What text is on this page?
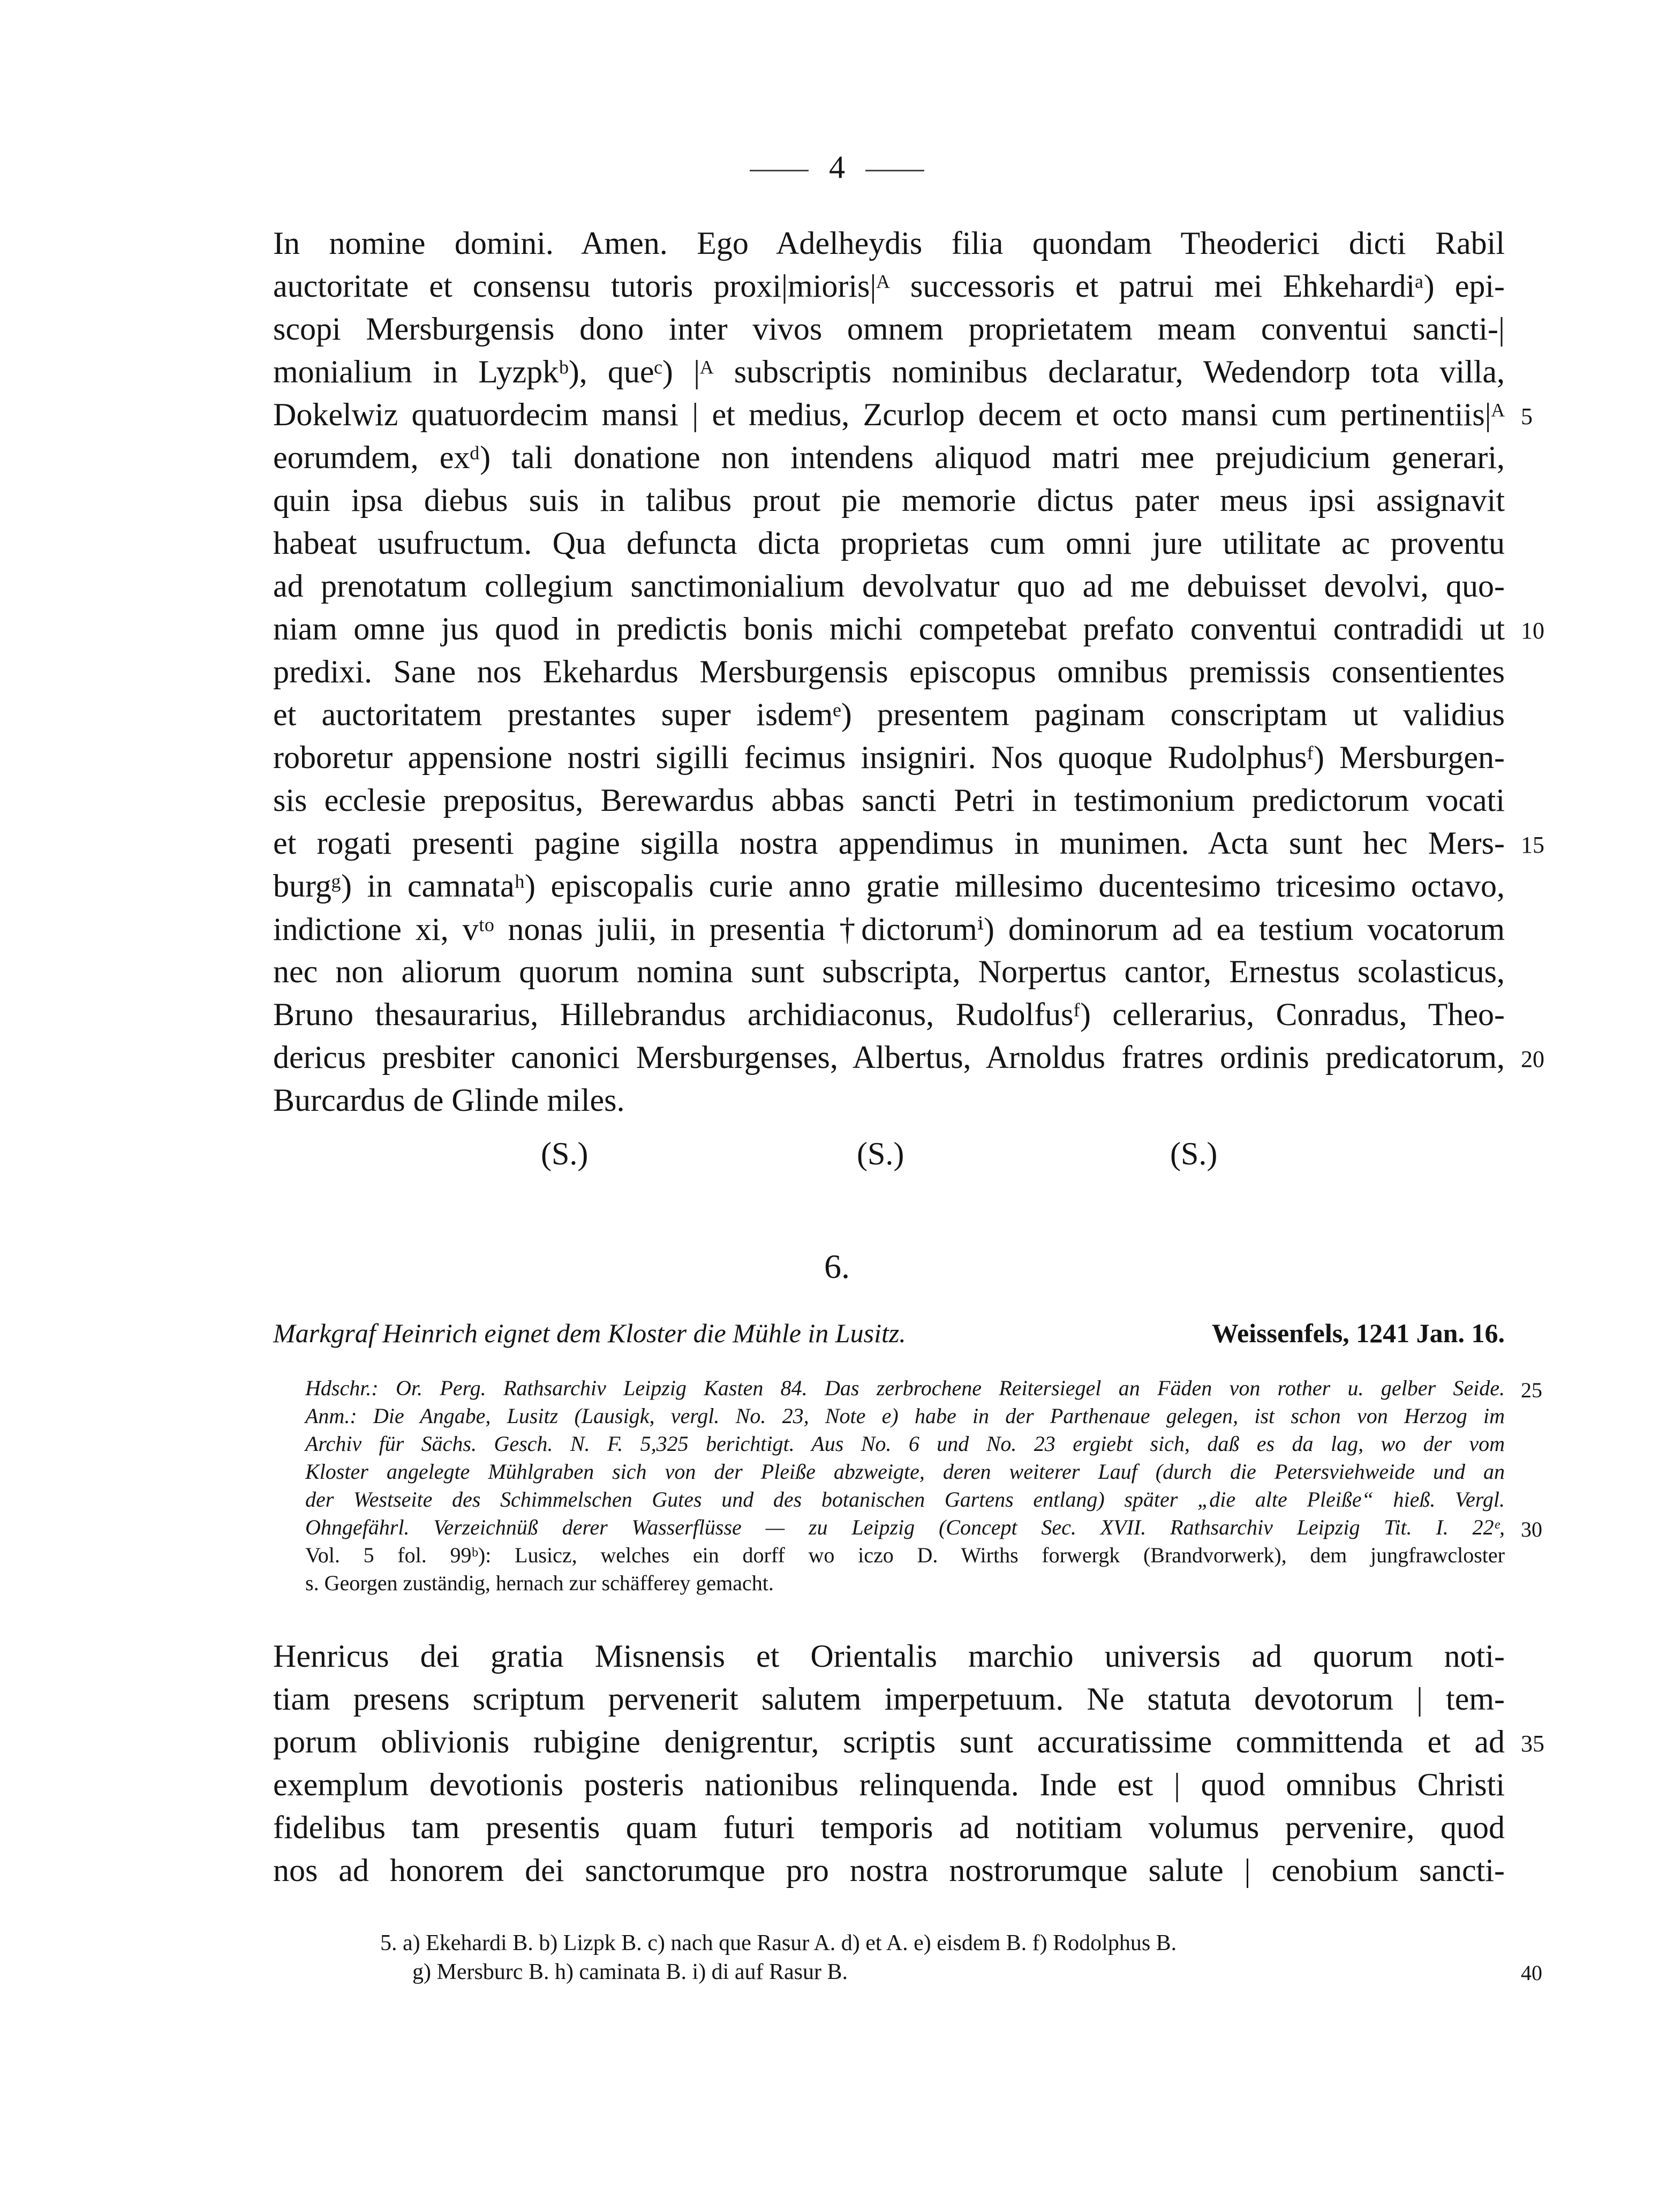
4
In nomine domini. Amen. Ego Adelheydis filia quondam Theoderici dicti Rabil
auctoritate et consensu tutoris proxi|mioris|ᴬ successoris et patrui mei Ehkehardiᵃ) epi-
scopi Mersburgensis dono inter vivos omnem proprietatem meam conventui sancti-|
monialium in Lyzpkᵇ), queᶜ) |ᴬ subscriptis nominibus declaratur, Wedendorp tota villa,
Dokelwiz quatuordecim mansi | et medius, Zcurlop decem et octo mansi cum pertinentiis|ᴬ
eorumdem, exᵈ) tali donatione non intendens aliquod matri mee prejudicium generari,
quin ipsa diebus suis in talibus prout pie memorie dictus pater meus ipsi assignavit
habeat usufructum. Qua defuncta dicta proprietas cum omni jure utilitate ac proventu
ad prenotatum collegium sanctimonialium devolvatur quo ad me debuisset devolvi, quo-
niam omne jus quod in predictis bonis michi competebat prefato conventui contradidi ut
predixi. Sane nos Ekehardus Mersburgensis episcopus omnibus premissis consentientes
et auctoritatem prestantes super isdemᵉ) presentem paginam conscriptam ut validius
roboretur appensione nostri sigilli fecimus insigniri. Nos quoque Rudolphusᶠ) Mersburgen-
sis ecclesie prepositus, Berewardus abbas sancti Petri in testimonium predictorum vocati
et rogati presenti pagine sigilla nostra appendimus in munimen. Acta sunt hec Mers-
burgᵍ) in camnataʰ) episcopalis curie anno gratie millesimo ducentesimo tricesimo octavo,
indictione xi, vᵗᵒ nonas julii, in presentia †dictorumⁱ) dominorum ad ea testium vocatorum
nec non aliorum quorum nomina sunt subscripta, Norpertus cantor, Ernestus scolasticus,
Bruno thesaurarius, Hillebrandus archidiaconus, Rudolfusᶠ) cellerarius, Conradus, Theo-
dericus presbiter canonici Mersburgenses, Albertus, Arnoldus fratres ordinis predicatorum,
Burcardus de Glinde miles.
5
10
15
20
(S.)	(S.)	(S.)
6.
Markgraf Heinrich eignet dem Kloster die Mühle in Lusitz.	Weissenfels, 1241 Jan. 16.
Hdschr.: Or. Perg. Rathsarchiv Leipzig Kasten 84. Das zerbrochene Reitersiegel an Fäden von rother u. gelber Seide.
Anm.: Die Angabe, Lusitz (Lausigk, vergl. No. 23, Note e) habe in der Parthenaue gelegen, ist schon von Herzog im
Archiv für Sächs. Gesch. N. F. 5,325 berichtigt. Aus No. 6 und No. 23 ergiebt sich, daß es da lag, wo der vom
Kloster angelegte Mühlgraben sich von der Pleiße abzweigte, deren weiterer Lauf (durch die Petersviehweide und an
der Westseite des Schimmelschen Gutes und des botanischen Gartens entlang) später „die alte Pleiße“ hieß. Vergl.
Ohngefährl. Verzeichnüß derer Wasserflüsse — zu Leipzig (Concept Sec. XVII. Rathsarchiv Leipzig Tit. I. 22ᵉ,
Vol. 5 fol. 99ᵇ): Lusicz, welches ein dorff wo iczo D. Wirths forwergk (Brandvorwerk), dem jungfrawcloster
s. Georgen zuständig, hernach zur schäfferey gemacht.
25
30
Henricus dei gratia Misnensis et Orientalis marchio universis ad quorum noti-
tiam presens scriptum pervenerit salutem imperpetuum. Ne statuta devotorum | tem-
porum oblivionis rubigine denigrentur, scriptis sunt accuratissime committenda et ad
exemplum devotionis posteris nationibus relinquenda. Inde est | quod omnibus Christi
fidelibus tam presentis quam futuri temporis ad notitiam volumus pervenire, quod
nos ad honorem dei sanctorumque pro nostra nostrorumque salute | cenobium sancti-
35
5. a) Ekehardi B. b) Lizpk B. c) nach que Rasur A. d) et A. e) eisdem B. f) Rodolphus B.
g) Mersburc B. h) caminata B. i) di auf Rasur B.	40
